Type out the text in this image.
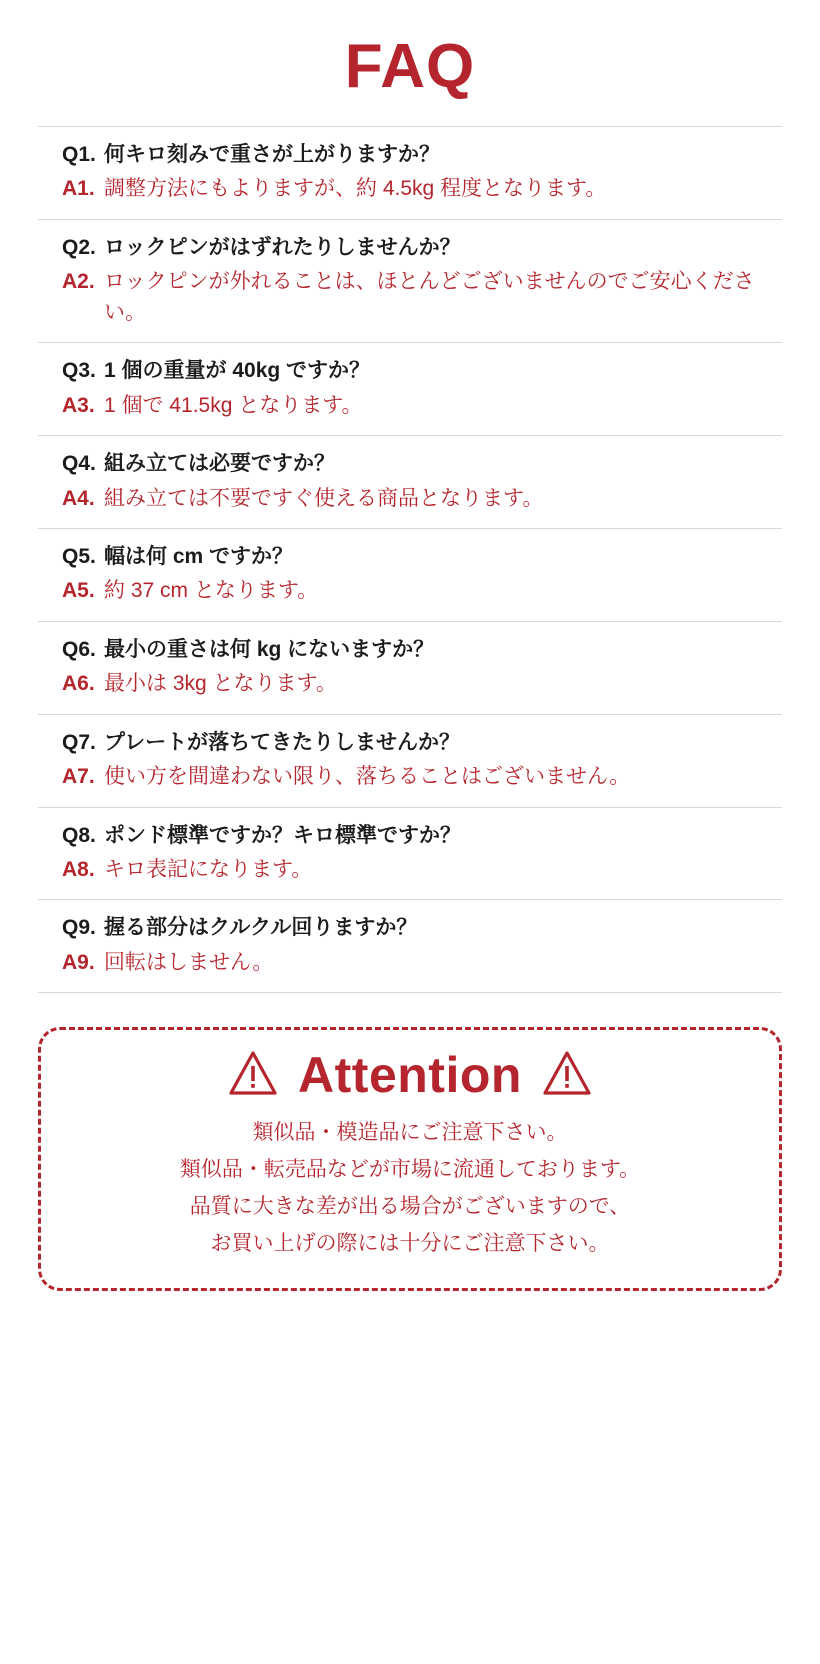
FAQ
Q1. 何キロ刻みで重さが上がりますか？
A1. 調整方法にもよりますが、約 4.5kg 程度となります。
Q2. ロックピンがはずれたりしませんか？
A2. ロックピンが外れることは、ほとんどございませんのでご安心ください。
Q3. 1 個の重量が 40kg ですか？
A3. 1 個で 41.5kg となります。
Q4. 組み立ては必要ですか？
A4. 組み立ては不要ですぐ使える商品となります。
Q5. 幅は何 cm ですか？
A5. 約 37 cm となります。
Q6. 最小の重さは何 kg にないますか？
A6. 最小は 3kg となります。
Q7. プレートが落ちてきたりしませんか？
A7. 使い方を間違わない限り、落ちることはございません。
Q8. ポンド標準ですか？キロ標準ですか？
A8. キロ表記になります。
Q9. 握る部分はクルクル回りますか？
A9. 回転はしません。
Attention
類似品・模造品にご注意下さい。
類似品・転売品などが市場に流通しております。
品質に大きな差が出る場合がございますので、
お買い上げの際には十分にご注意下さい。
